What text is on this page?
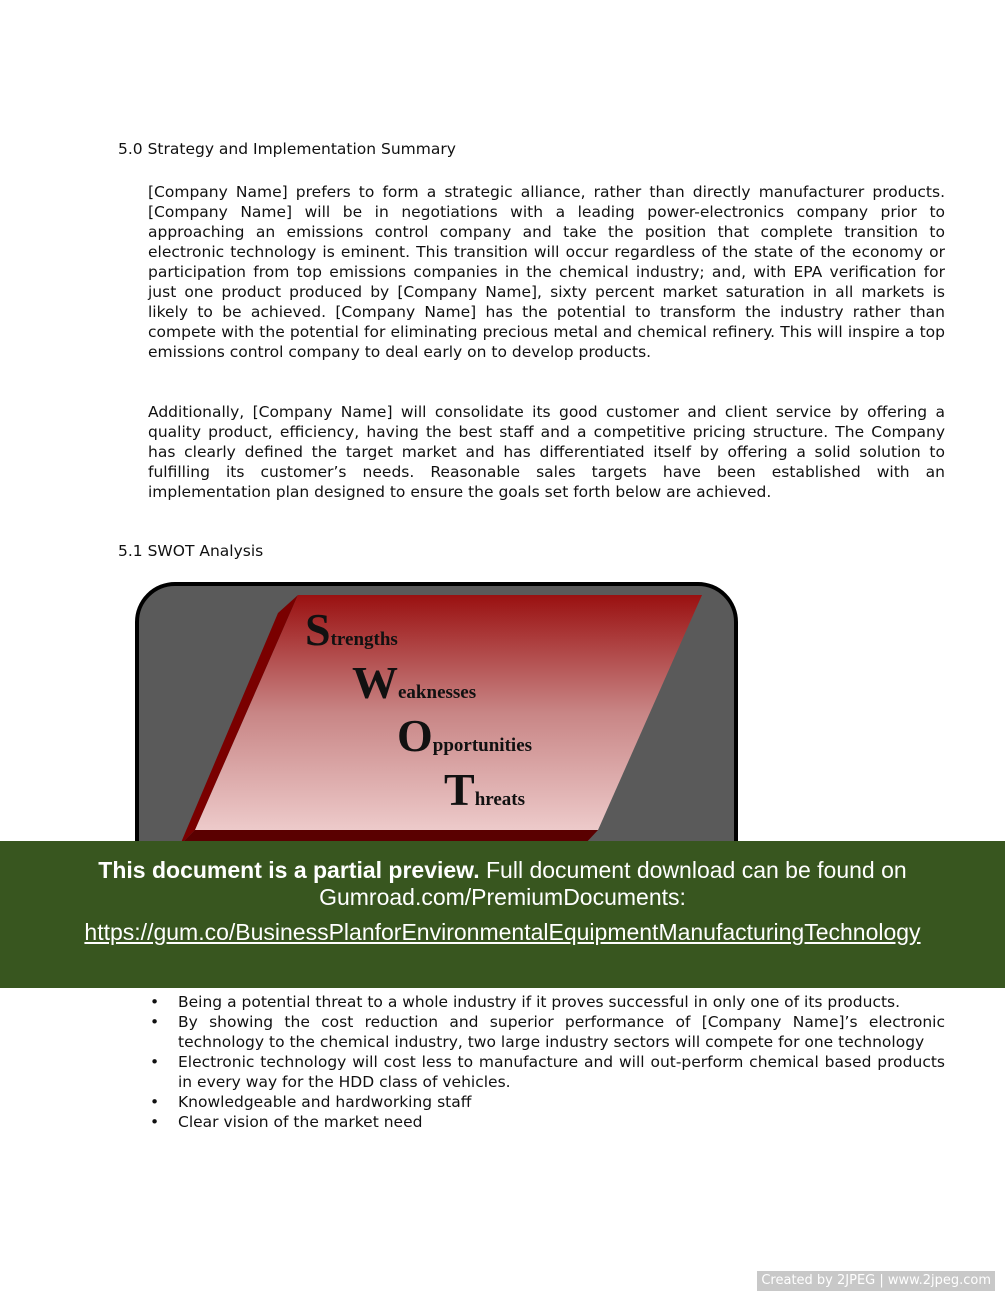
5.0 Strategy and Implementation Summary
[Company Name] prefers to form a strategic alliance, rather than directly manufacturer products. [Company Name] will be in negotiations with a leading power-electronics company prior to approaching an emissions control company and take the position that complete transition to electronic technology is eminent. This transition will occur regardless of the state of the economy or participation from top emissions companies in the chemical industry; and, with EPA verification for just one product produced by [Company Name], sixty percent market saturation in all markets is likely to be achieved. [Company Name] has the potential to transform the industry rather than compete with the potential for eliminating precious metal and chemical refinery. This will inspire a top emissions control company to deal early on to develop products.
Additionally, [Company Name] will consolidate its good customer and client service by offering a quality product, efficiency, having the best staff and a competitive pricing structure. The Company has clearly defined the target market and has differentiated itself by offering a solid solution to fulfilling its customer’s needs. Reasonable sales targets have been established with an implementation plan designed to ensure the goals set forth below are achieved.
5.1 SWOT Analysis
Strengths
Weaknesses
Opportunities
Threats
• Being a potential threat to a whole industry if it proves successful in only one of its products.
• By showing the cost reduction and superior performance of [Company Name]’s electronic technology to the chemical industry, two large industry sectors will compete for one technology
• Electronic technology will cost less to manufacture and will out-perform chemical based products in every way for the HDD class of vehicles.
• Knowledgeable and hardworking staff
• Clear vision of the market need
This document is a partial preview. Full document download can be found on
Gumroad.com/PremiumDocuments:
https://gum.co/BusinessPlanforEnvironmentalEquipmentManufacturingTechnology
Created by 2JPEG | www.2jpeg.com
